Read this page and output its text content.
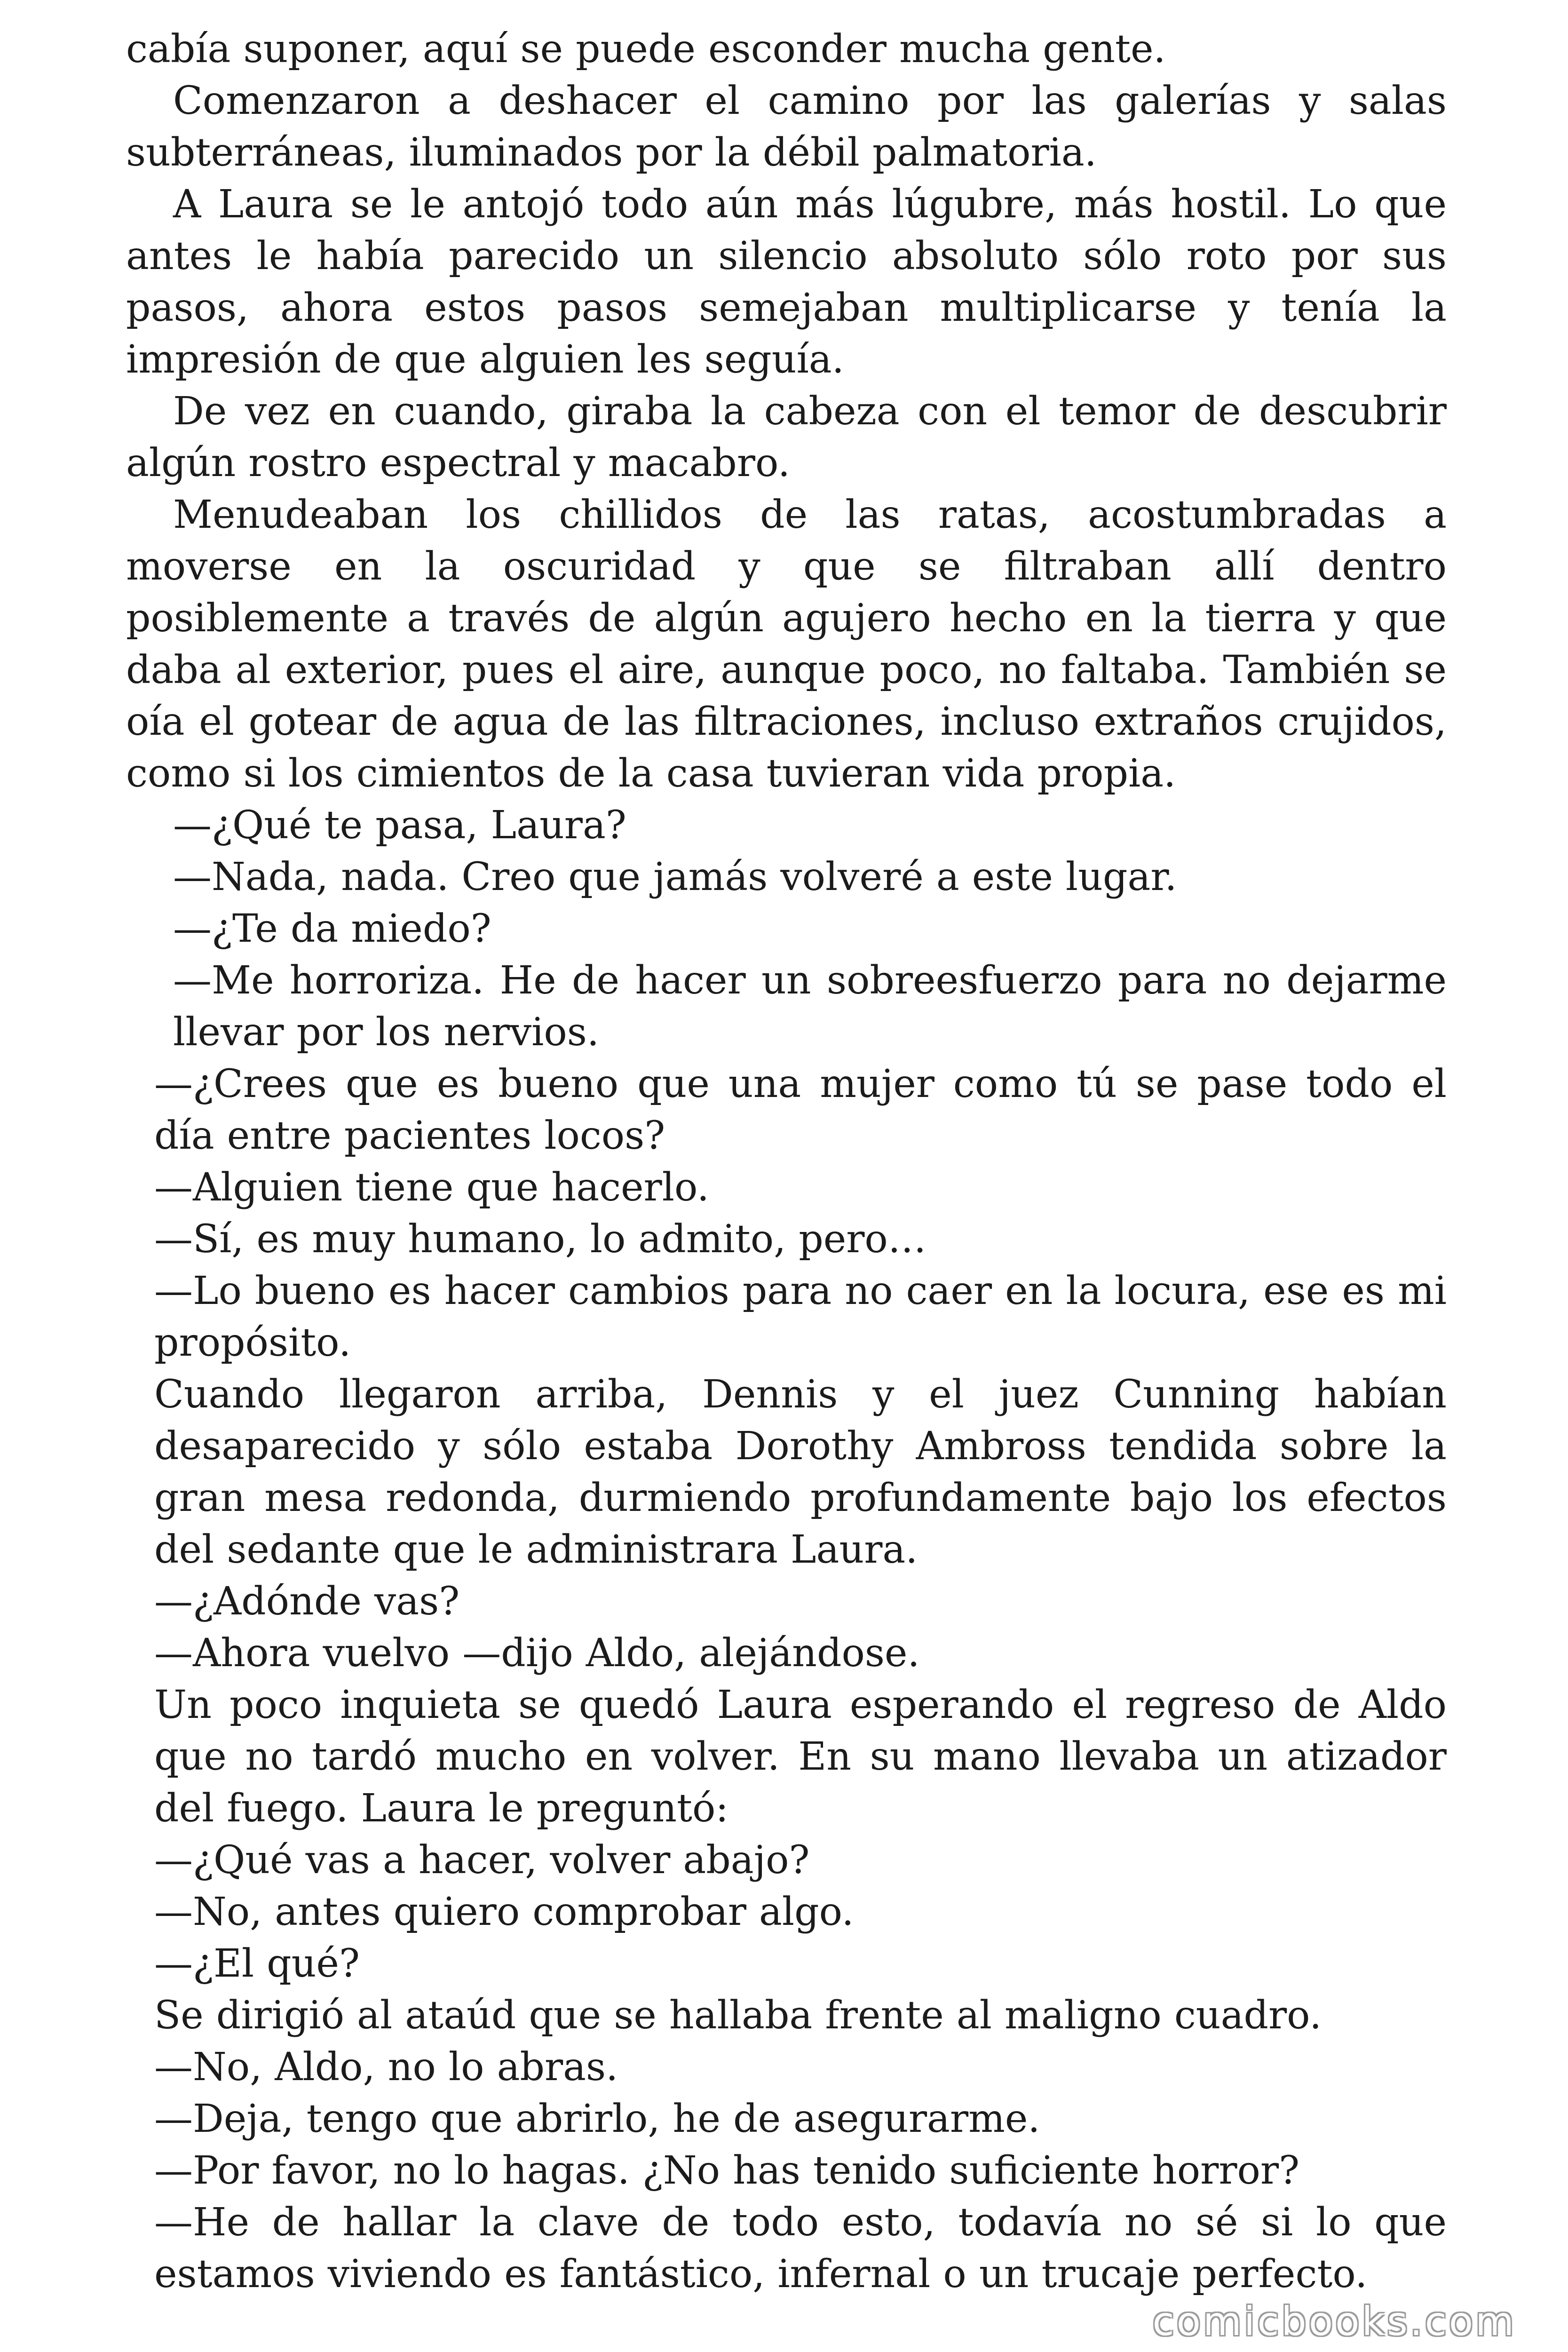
cabía suponer, aquí se puede esconder mucha gente.

Comenzaron a deshacer el camino por las galerías y salas subterráneas, iluminados por la débil palmatoria.

A Laura se le antojó todo aún más lúgubre, más hostil. Lo que antes le había parecido un silencio absoluto sólo roto por sus pasos, ahora estos pasos semejaban multiplicarse y tenía la impresión de que alguien les seguía.

De vez en cuando, giraba la cabeza con el temor de descubrir algún rostro espectral y macabro.

Menudeaban los chillidos de las ratas, acostumbradas a moverse en la oscuridad y que se filtraban allí dentro posiblemente a través de algún agujero hecho en la tierra y que daba al exterior, pues el aire, aunque poco, no faltaba. También se oía el gotear de agua de las filtraciones, incluso extraños crujidos, como si los cimientos de la casa tuvieran vida propia.

—¿Qué te pasa, Laura?

—Nada, nada. Creo que jamás volveré a este lugar.

—¿Te da miedo?

—Me horroriza. He de hacer un sobreesfuerzo para no dejarme llevar por los nervios.

—¿Crees que es bueno que una mujer como tú se pase todo el día entre pacientes locos?

—Alguien tiene que hacerlo.

—Sí, es muy humano, lo admito, pero…

—Lo bueno es hacer cambios para no caer en la locura, ese es mi propósito.

Cuando llegaron arriba, Dennis y el juez Cunning habían desaparecido y sólo estaba Dorothy Ambross tendida sobre la gran mesa redonda, durmiendo profundamente bajo los efectos del sedante que le administrara Laura.

—¿Adónde vas?

—Ahora vuelvo —dijo Aldo, alejándose.

Un poco inquieta se quedó Laura esperando el regreso de Aldo que no tardó mucho en volver. En su mano llevaba un atizador del fuego. Laura le preguntó:

—¿Qué vas a hacer, volver abajo?

—No, antes quiero comprobar algo.

—¿El qué?

Se dirigió al ataúd que se hallaba frente al maligno cuadro.

—No, Aldo, no lo abras.

—Deja, tengo que abrirlo, he de asegurarme.

—Por favor, no lo hagas. ¿No has tenido suficiente horror?

—He de hallar la clave de todo esto, todavía no sé si lo que estamos viviendo es fantástico, infernal o un trucaje perfecto.

comicbooks.com
